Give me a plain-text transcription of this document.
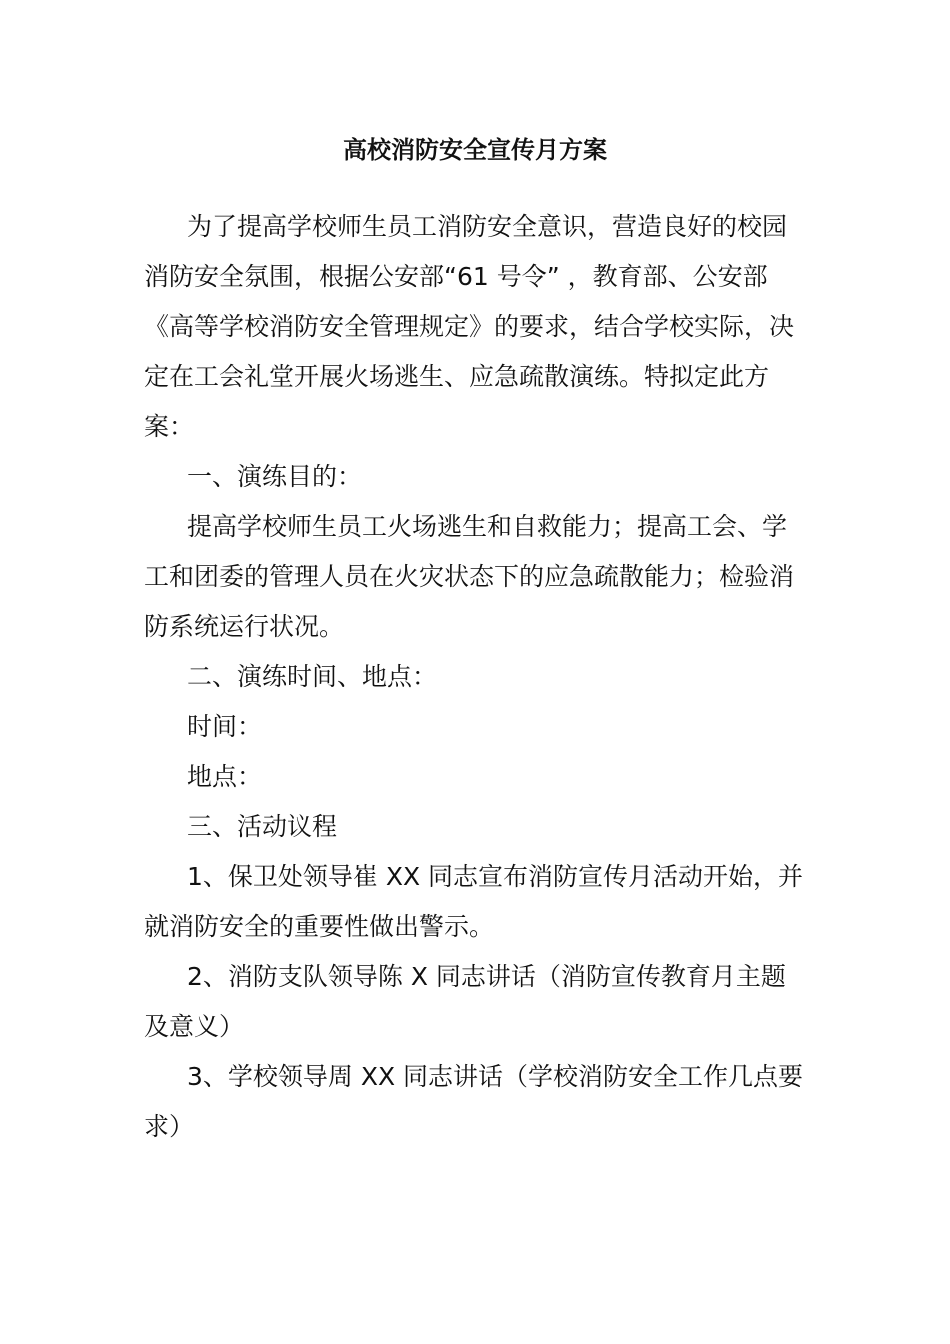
高校消防安全宣传月方案

为了提高学校师生员工消防安全意识，营造良好的校园消防安全氛围，根据公安部“61 号令” ，教育部、公安部《高等学校消防安全管理规定》的要求，结合学校实际，决定在工会礼堂开展火场逃生、应急疏散演练。特拟定此方案：

一、演练目的：

提高学校师生员工火场逃生和自救能力；提高工会、学工和团委的管理人员在火灾状态下的应急疏散能力；检验消防系统运行状况。

二、演练时间、地点：

时间：

地点：

三、活动议程

1、保卫处领导崔 XX 同志宣布消防宣传月活动开始，并就消防安全的重要性做出警示。

2、消防支队领导陈 X 同志讲话（消防宣传教育月主题及意义）

3、学校领导周 XX 同志讲话（学校消防安全工作几点要求）
